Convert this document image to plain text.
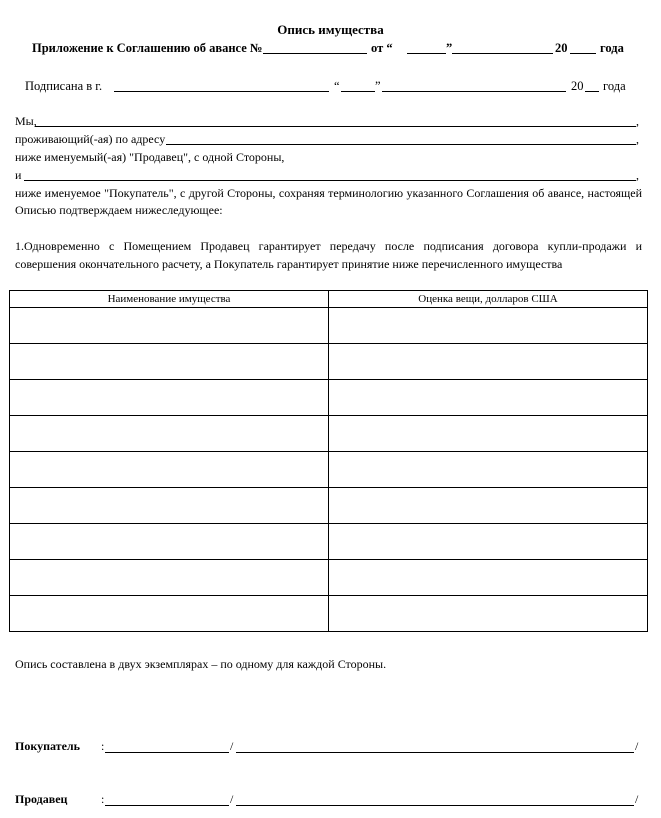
Опись имущества
Приложение к Соглашению об авансе №	от “	”	20	года
Подписана в г.	“	”	20 года
Мы,	,
проживающий(-ая) по адресу	,
ниже именуемый(-ая) "Продавец", с одной Стороны,
и	,
ниже именуемое "Покупатель", с другой Стороны, сохраняя терминологию указанного Соглашения об авансе, настоящей
Описью подтверждаем нижеследующее:
1.Одновременно с Помещением Продавец гарантирует передачу после подписания договора купли-продажи и
совершения окончательного расчету, а Покупатель гарантирует принятие ниже перечисленного имущества
Наименование имущества	Оценка вещи, долларов США

Опись составлена в двух экземплярах – по одному для каждой Стороны.
Покупатель :	/	/
Продавец	:	/	/
